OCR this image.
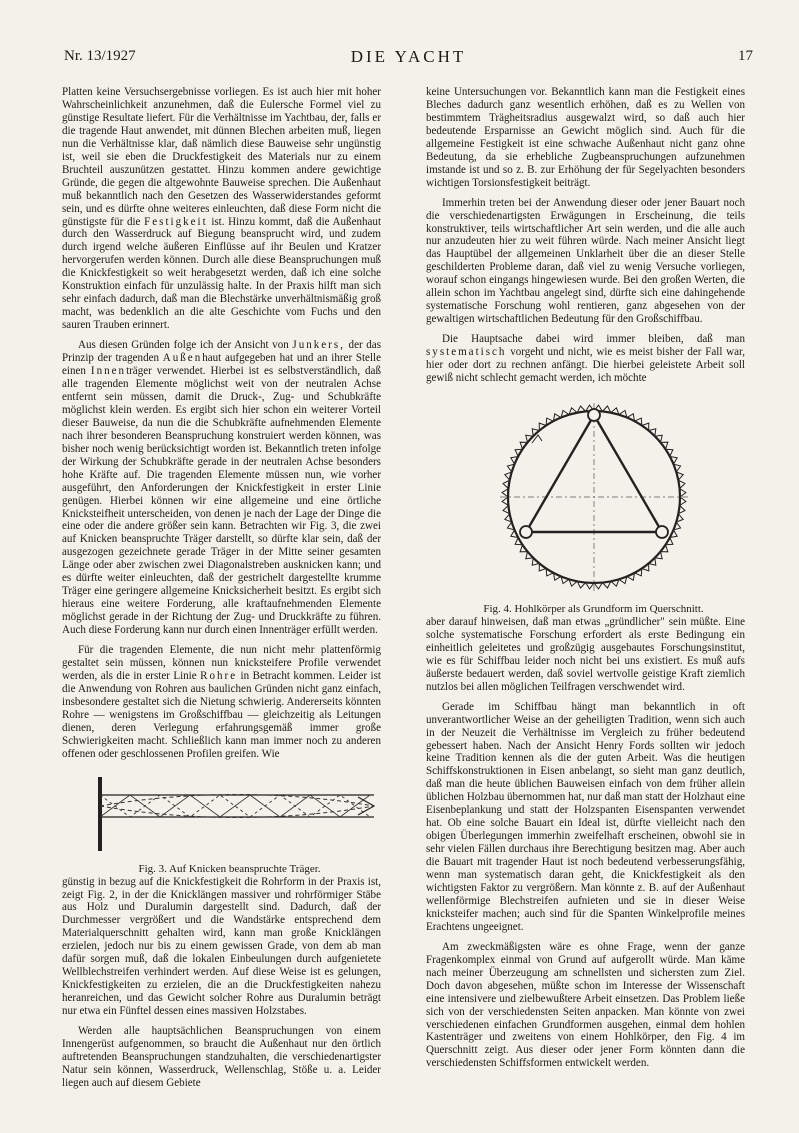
Nr. 13/1927	DIE YACHT	17

Platten keine Versuchsergebnisse vorliegen. Es ist auch hier mit hoher Wahrscheinlichkeit anzunehmen, daß die Eulersche Formel viel zu günstige Resultate liefert. Für die Verhältnisse im Yachtbau, der, falls er die tragende Haut anwendet, mit dünnen Blechen arbeiten muß, liegen nun die Verhältnisse klar, daß nämlich diese Bauweise sehr ungünstig ist, weil sie eben die Druckfestigkeit des Materials nur zu einem Bruchteil auszunützen gestattet. Hinzu kommen andere gewichtige Gründe, die gegen die altgewohnte Bauweise sprechen. Die Außenhaut muß bekanntlich nach den Gesetzen des Wasserwiderstandes geformt sein, und es dürfte ohne weiteres einleuchten, daß diese Form nicht die günstigste für die Festigkeit ist. Hinzu kommt, daß die Außenhaut durch den Wasserdruck auf Biegung beansprucht wird, und zudem durch irgend welche äußeren Einflüsse auf ihr Beulen und Kratzer hervorgerufen werden können. Durch alle diese Beanspruchungen muß die Knickfestigkeit so weit herabgesetzt werden, daß ich eine solche Konstruktion einfach für unzulässig halte. In der Praxis hilft man sich sehr einfach dadurch, daß man die Blechstärke unverhältnismäßig groß macht, was bedenklich an die alte Geschichte vom Fuchs und den sauren Trauben erinnert.

Aus diesen Gründen folge ich der Ansicht von Junkers, der das Prinzip der tragenden Außenhaut aufgegeben hat und an ihrer Stelle einen Innenträger verwendet. Hierbei ist es selbstverständlich, daß alle tragenden Elemente möglichst weit von der neutralen Achse entfernt sein müssen, damit die Druck-, Zug- und Schubkräfte möglichst klein werden. Es ergibt sich hier schon ein weiterer Vorteil dieser Bauweise, da nun die die Schubkräfte aufnehmenden Elemente nach ihrer besonderen Beanspruchung konstruiert werden können, was bisher noch wenig berücksichtigt worden ist. Bekanntlich treten infolge der Wirkung der Schubkräfte gerade in der neutralen Achse besonders hohe Kräfte auf. Die tragenden Elemente müssen nun, wie vorher ausgeführt, den Anforderungen der Knickfestigkeit in erster Linie genügen. Hierbei können wir eine allgemeine und eine örtliche Knicksteifheit unterscheiden, von denen je nach der Lage der Dinge die eine oder die andere größer sein kann. Betrachten wir Fig. 3, die zwei auf Knicken beanspruchte Träger darstellt, so dürfte klar sein, daß der ausgezogen gezeichnete gerade Träger in der Mitte seiner gesamten Länge oder aber zwischen zwei Diagonalstreben ausknicken kann; und es dürfte weiter einleuchten, daß der gestrichelt dargestellte krumme Träger eine geringere allgemeine Knicksicherheit besitzt. Es ergibt sich hieraus eine weitere Forderung, alle kraftaufnehmenden Elemente möglichst gerade in der Richtung der Zug- und Druckkräfte zu führen. Auch diese Forderung kann nur durch einen Innenträger erfüllt werden.

Für die tragenden Elemente, die nun nicht mehr plattenförmig gestaltet sein müssen, können nun knicksteifere Profile verwendet werden, als die in erster Linie Rohre in Betracht kommen. Leider ist die Anwendung von Rohren aus baulichen Gründen nicht ganz einfach, insbesondere gestaltet sich die Nietung schwierig. Andererseits könnten Rohre — wenigstens im Großschiffbau — gleichzeitig als Leitungen dienen, deren Verlegung erfahrungsgemäß immer große Schwierigkeiten macht. Schließlich kann man immer noch zu anderen offenen oder geschlossenen Profilen greifen. Wie

Fig. 3. Auf Knicken beanspruchte Träger.

günstig in bezug auf die Knickfestigkeit die Rohrform in der Praxis ist, zeigt Fig. 2, in der die Knicklängen massiver und rohrförmiger Stäbe aus Holz und Duralumin dargestellt sind. Dadurch, daß der Durchmesser vergrößert und die Wandstärke entsprechend dem Materialquerschnitt gehalten wird, kann man große Knicklängen erzielen, jedoch nur bis zu einem gewissen Grade, von dem ab man dafür sorgen muß, daß die lokalen Einbeulungen durch aufgenietete Wellblechstreifen verhindert werden. Auf diese Weise ist es gelungen, Knickfestigkeiten zu erzielen, die an die Druckfestigkeiten nahezu heranreichen, und das Gewicht solcher Rohre aus Duralumin beträgt nur etwa ein Fünftel dessen eines massiven Holzstabes.

Werden alle hauptsächlichen Beanspruchungen von einem Innengerüst aufgenommen, so braucht die Außenhaut nur den örtlich auftretenden Beanspruchungen standzuhalten, die verschiedenartigster Natur sein können, Wasserdruck, Wellenschlag, Stöße u. a. Leider liegen auch auf diesem Gebiete

keine Untersuchungen vor. Bekanntlich kann man die Festigkeit eines Bleches dadurch ganz wesentlich erhöhen, daß es zu Wellen von bestimmtem Trägheitsradius ausgewalzt wird, so daß auch hier bedeutende Ersparnisse an Gewicht möglich sind. Auch für die allgemeine Festigkeit ist eine schwache Außenhaut nicht ganz ohne Bedeutung, da sie erhebliche Zugbeanspruchungen aufzunehmen imstande ist und so z. B. zur Erhöhung der für Segelyachten besonders wichtigen Torsionsfestigkeit beiträgt.

Immerhin treten bei der Anwendung dieser oder jener Bauart noch die verschiedenartigsten Erwägungen in Erscheinung, die teils konstruktiver, teils wirtschaftlicher Art sein werden, und die alle auch nur anzudeuten hier zu weit führen würde. Nach meiner Ansicht liegt das Hauptübel der allgemeinen Unklarheit über die an dieser Stelle geschilderten Probleme daran, daß viel zu wenig Versuche vorliegen, worauf schon eingangs hingewiesen wurde. Bei den großen Werten, die allein schon im Yachtbau angelegt sind, dürfte sich eine dahingehende systematische Forschung wohl rentieren, ganz abgesehen von der gewaltigen wirtschaftlichen Bedeutung für den Großschiffbau.

Die Hauptsache dabei wird immer bleiben, daß man systematisch vorgeht und nicht, wie es meist bisher der Fall war, hier oder dort zu rechnen anfängt. Die hierbei geleistete Arbeit soll gewiß nicht schlecht gemacht werden, ich möchte

Fig. 4. Hohlkörper als Grundform im Querschnitt.

aber darauf hinweisen, daß man etwas „gründlicher" sein müßte. Eine solche systematische Forschung erfordert als erste Bedingung ein einheitlich geleitetes und großzügig ausgebautes Forschungsinstitut, wie es für Schiffbau leider noch nicht bei uns existiert. Es muß aufs äußerste bedauert werden, daß soviel wertvolle geistige Kraft ziemlich nutzlos bei allen möglichen Teilfragen verschwendet wird.

Gerade im Schiffbau hängt man bekanntlich in oft unverantwortlicher Weise an der geheiligten Tradition, wenn sich auch in der Neuzeit die Verhältnisse im Vergleich zu früher bedeutend gebessert haben. Nach der Ansicht Henry Fords sollten wir jedoch keine Tradition kennen als die der guten Arbeit. Was die heutigen Schiffskonstruktionen in Eisen anbelangt, so sieht man ganz deutlich, daß man die heute üblichen Bauweisen einfach von dem früher allein üblichen Holzbau übernommen hat, nur daß man statt der Holzhaut eine Eisenbeplankung und statt der Holzspanten Eisenspanten verwendet hat. Ob eine solche Bauart ein Ideal ist, dürfte vielleicht nach den obigen Überlegungen immerhin zweifelhaft erscheinen, obwohl sie in sehr vielen Fällen durchaus ihre Berechtigung besitzen mag. Aber auch die Bauart mit tragender Haut ist noch bedeutend verbesserungsfähig, wenn man systematisch daran geht, die Knickfestigkeit als den wichtigsten Faktor zu vergrößern. Man könnte z. B. auf der Außenhaut wellenförmige Blechstreifen aufnieten und sie in dieser Weise knicksteifer machen; auch sind für die Spanten Winkelprofile meines Erachtens ungeeignet.

Am zweckmäßigsten wäre es ohne Frage, wenn der ganze Fragenkomplex einmal von Grund auf aufgerollt würde. Man käme nach meiner Überzeugung am schnellsten und sichersten zum Ziel. Doch davon abgesehen, müßte schon im Interesse der Wissenschaft eine intensivere und zielbewußtere Arbeit einsetzen. Das Problem ließe sich von der verschiedensten Seiten anpacken. Man könnte von zwei verschiedenen einfachen Grundformen ausgehen, einmal dem hohlen Kastenträger und zweitens von einem Hohlkörper, den Fig. 4 im Querschnitt zeigt. Aus dieser oder jener Form könnten dann die verschiedensten Schiffsformen entwickelt werden.
